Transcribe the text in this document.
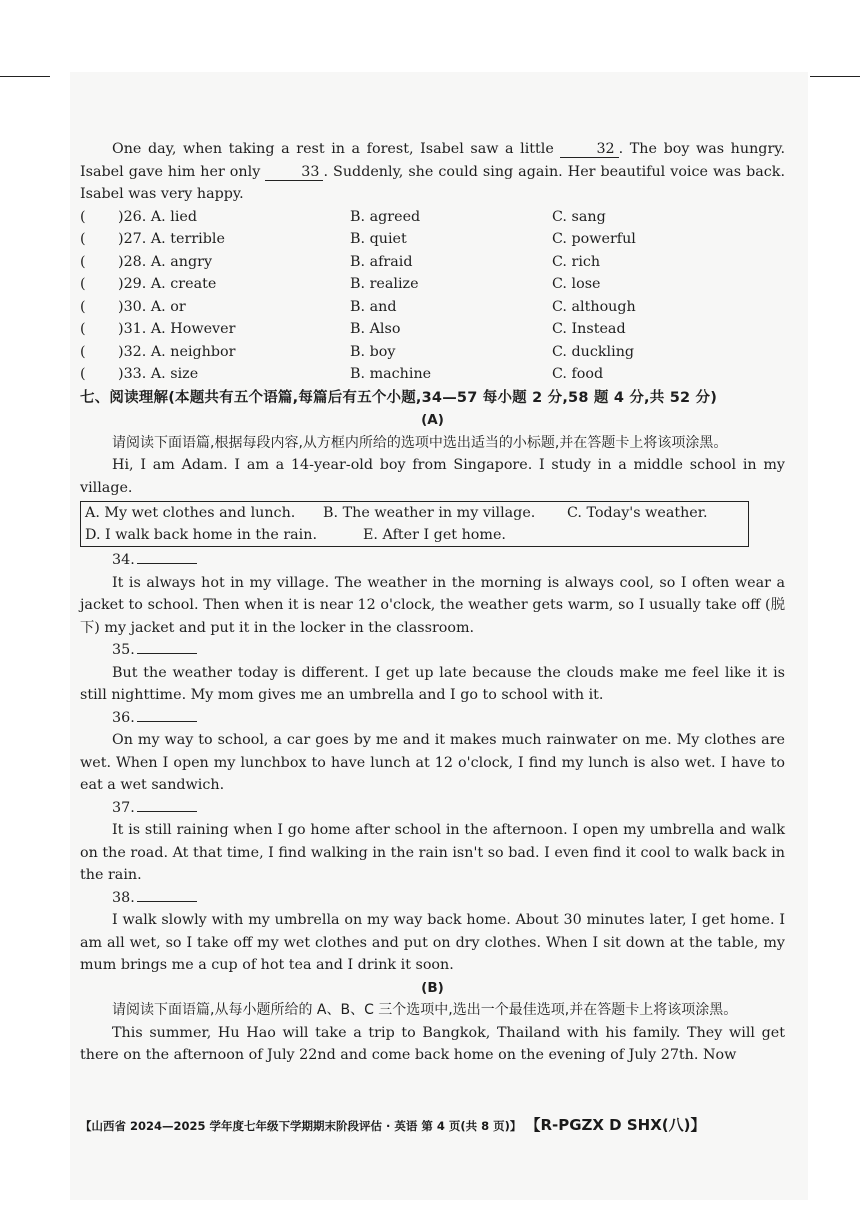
One day, when taking a rest in a forest, Isabel saw a little	32 . The boy was hungry. Isabel gave him her only	33 . Suddenly, she could sing again. Her beautiful voice was back. Isabel was very happy.

(	)26. A. lied	B. agreed	C. sang
(	)27. A. terrible	B. quiet	C. powerful
(	)28. A. angry	B. afraid	C. rich
(	)29. A. create	B. realize	C. lose
(	)30. A. or	B. and	C. although
(	)31. A. However	B. Also	C. Instead
(	)32. A. neighbor	B. boy	C. duckling
(	)33. A. size	B. machine	C. food

七、阅读理解(本题共有五个语篇,每篇后有五个小题,34—57 每小题 2 分,58 题 4 分,共 52 分)

(A)

请阅读下面语篇,根据每段内容,从方框内所给的选项中选出适当的小标题,并在答题卡上将该项涂黑。

Hi, I am Adam. I am a 14-year-old boy from Singapore. I study in a middle school in my village.

A. My wet clothes and lunch.	B. The weather in my village.	C. Today's weather.
D. I walk back home in the rain.	E. After I get home.

34.

It is always hot in my village. The weather in the morning is always cool, so I often wear a jacket to school. Then when it is near 12 o'clock, the weather gets warm, so I usually take off (脱下) my jacket and put it in the locker in the classroom.

35.

But the weather today is different. I get up late because the clouds make me feel like it is still nighttime. My mom gives me an umbrella and I go to school with it.

36.

On my way to school, a car goes by me and it makes much rainwater on me. My clothes are wet. When I open my lunchbox to have lunch at 12 o'clock, I find my lunch is also wet. I have to eat a wet sandwich.

37.

It is still raining when I go home after school in the afternoon. I open my umbrella and walk on the road. At that time, I find walking in the rain isn't so bad. I even find it cool to walk back in the rain.

38.

I walk slowly with my umbrella on my way back home. About 30 minutes later, I get home. I am all wet, so I take off my wet clothes and put on dry clothes. When I sit down at the table, my mum brings me a cup of hot tea and I drink it soon.

(B)

请阅读下面语篇,从每小题所给的 A、B、C 三个选项中,选出一个最佳选项,并在答题卡上将该项涂黑。

This summer, Hu Hao will take a trip to Bangkok, Thailand with his family. They will get there on the afternoon of July 22nd and come back home on the evening of July 27th. Now

【山西省 2024—2025 学年度七年级下学期期末阶段评估 · 英语 第 4 页(共 8 页)】 【R-PGZX D SHX(八)】
